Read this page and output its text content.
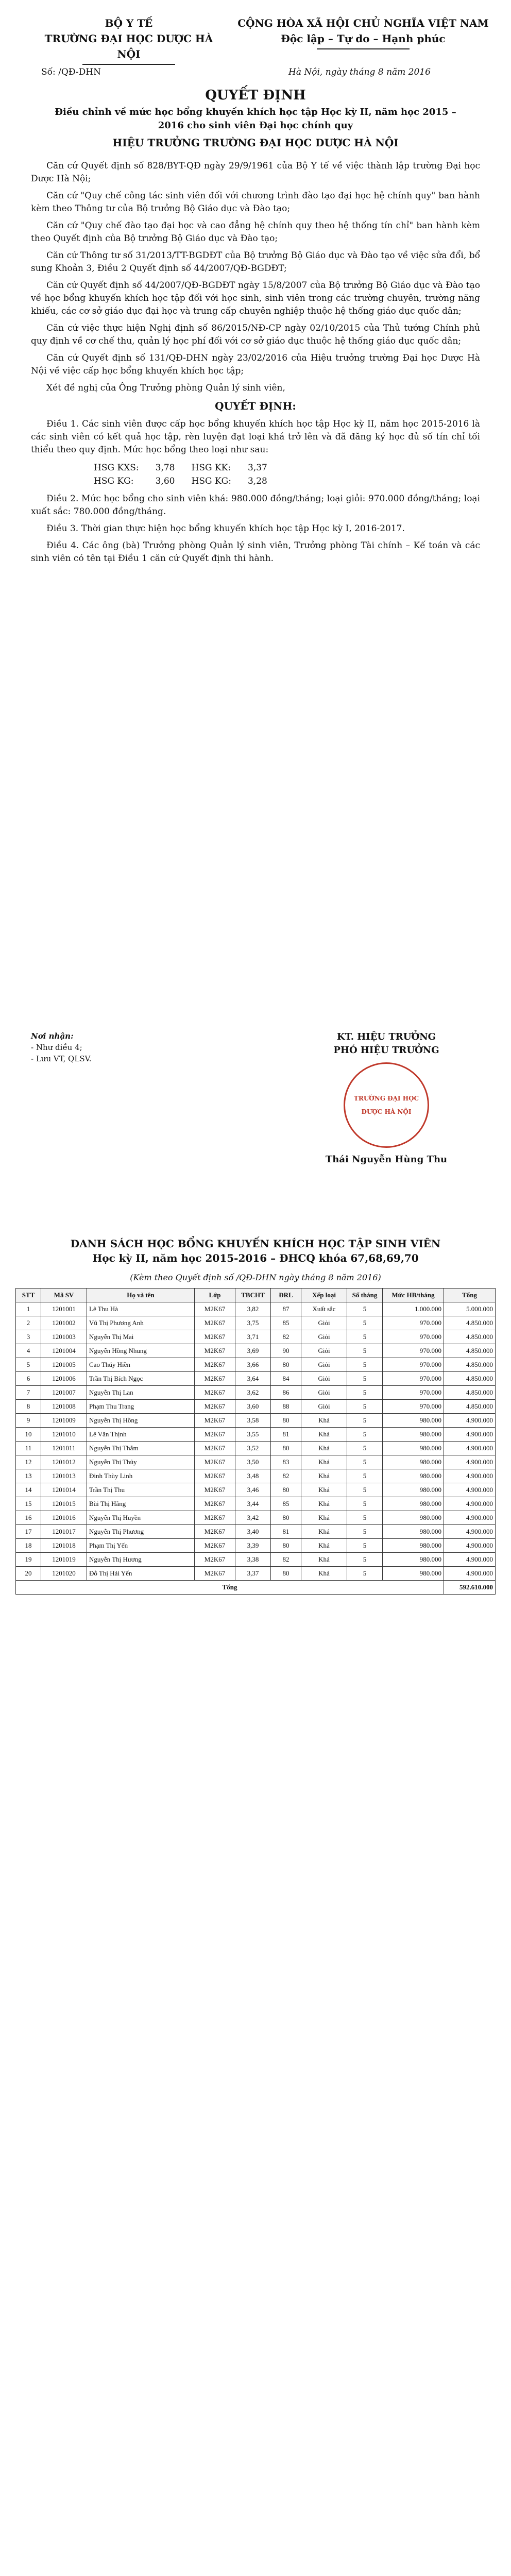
BỘ Y TẾ
TRƯỜNG ĐẠI HỌC DƯỢC HÀ NỘI
CỘNG HÒA XÃ HỘI CHỦ NGHĨA VIỆT NAM
Độc lập – Tự do – Hạnh phúc
Số: /QĐ-DHN	Hà Nội, ngày tháng 8 năm 2016
QUYẾT ĐỊNH
Điều chỉnh về mức học bổng khuyến khích học tập Học kỳ II, năm học 2015 – 2016 cho sinh viên Đại học chính quy
HIỆU TRƯỞNG TRƯỜNG ĐẠI HỌC DƯỢC HÀ NỘI

Căn cứ Quyết định số 828/BYT-QĐ ngày 29/9/1961 của Bộ Y tế về việc thành lập trường Đại học Dược Hà Nội;

Căn cứ "Quy chế công tác sinh viên đối với chương trình đào tạo đại học hệ chính quy" ban hành kèm theo Thông tư của Bộ trưởng Bộ Giáo dục và Đào tạo;

Căn cứ "Quy chế đào tạo đại học và cao đẳng hệ chính quy theo hệ thống tín chỉ" ban hành kèm theo Quyết định của Bộ trưởng Bộ Giáo dục và Đào tạo;

Căn cứ Thông tư số 31/2013/TT-BGDĐT của Bộ trưởng Bộ Giáo dục và Đào tạo về việc sửa đổi, bổ sung Khoản 3, Điều 2 Quyết định số 44/2007/QĐ-BGDĐT;

Căn cứ Quyết định số 44/2007/QĐ-BGDĐT ngày 15/8/2007 của Bộ trưởng Bộ Giáo dục và Đào tạo về học bổng khuyến khích học tập đối với học sinh, sinh viên trong các trường chuyên, trường năng khiếu, các cơ sở giáo dục đại học và trung cấp chuyên nghiệp thuộc hệ thống giáo dục quốc dân;

Căn cứ việc thực hiện Nghị định số 86/2015/NĐ-CP ngày 02/10/2015 của Thủ tướng Chính phủ quy định về cơ chế thu, quản lý học phí đối với cơ sở giáo dục thuộc hệ thống giáo dục quốc dân;

Căn cứ Quyết định số 131/QĐ-DHN ngày 23/02/2016 của Hiệu trưởng trường Đại học Dược Hà Nội về việc cấp học bổng khuyến khích học tập;

Xét đề nghị của Ông Trưởng phòng Quản lý sinh viên,

QUYẾT ĐỊNH:

Điều 1. Các sinh viên được cấp học bổng khuyến khích học tập Học kỳ II, năm học 2015-2016 là các sinh viên có kết quả học tập, rèn luyện đạt loại khá trở lên và đã đăng ký học đủ số tín chỉ tối thiểu theo quy định. Mức học bổng theo loại như sau:

HSG KXS:	3,78	HSG KK:	3,37
HSG KG:	3,60	HSG KG:	3,28

Điều 2. Mức học bổng cho sinh viên khá: 980.000 đồng/tháng; loại giỏi: 970.000 đồng/tháng; loại xuất sắc: 780.000 đồng/tháng.

Điều 3. Thời gian thực hiện học bổng khuyến khích học tập Học kỳ I, 2016-2017.

Điều 4. Các ông (bà) Trưởng phòng Quản lý sinh viên, Trưởng phòng Tài chính – Kế toán và các sinh viên có tên tại Điều 1 căn cứ Quyết định thi hành.

Nơi nhận:
- Như điều 4;
- Lưu VT, QLSV.
KT. HIỆU TRƯỞNG
PHÓ HIỆU TRƯỞNG
TRƯỜNG ĐẠI HỌC DƯỢC HÀ NỘI
Thái Nguyễn Hùng Thu
DANH SÁCH HỌC BỔNG KHUYẾN KHÍCH HỌC TẬP SINH VIÊN
Học kỳ II, năm học 2015-2016 – ĐHCQ khóa 67,68,69,70
(Kèm theo Quyết định số /QĐ-DHN ngày tháng 8 năm 2016)
STT	Mã SV	Họ và tên	Lớp	TBCHT	ĐRL	Xếp loại	Số tháng	Mức HB/tháng	Tổng
1	1201001	Lê Thu Hà	M2K67	3,82	87	Xuất sắc	5	1.000.000	5.000.000
2	1201002	Vũ Thị Phương Anh	M2K67	3,75	85	Giỏi	5	970.000	4.850.000
3	1201003	Nguyễn Thị Mai	M2K67	3,71	82	Giỏi	5	970.000	4.850.000
4	1201004	Nguyễn Hồng Nhung	M2K67	3,69	90	Giỏi	5	970.000	4.850.000
5	1201005	Cao Thúy Hiền	M2K67	3,66	80	Giỏi	5	970.000	4.850.000
6	1201006	Trần Thị Bích Ngọc	M2K67	3,64	84	Giỏi	5	970.000	4.850.000
7	1201007	Nguyễn Thị Lan	M2K67	3,62	86	Giỏi	5	970.000	4.850.000
8	1201008	Phạm Thu Trang	M2K67	3,60	88	Giỏi	5	970.000	4.850.000
9	1201009	Nguyễn Thị Hồng	M2K67	3,58	80	Khá	5	980.000	4.900.000
10	1201010	Lê Văn Thịnh	M2K67	3,55	81	Khá	5	980.000	4.900.000
11	1201011	Nguyễn Thị Thắm	M2K67	3,52	80	Khá	5	980.000	4.900.000
12	1201012	Nguyễn Thị Thủy	M2K67	3,50	83	Khá	5	980.000	4.900.000
13	1201013	Đinh Thùy Linh	M2K67	3,48	82	Khá	5	980.000	4.900.000
14	1201014	Trần Thị Thu	M2K67	3,46	80	Khá	5	980.000	4.900.000
15	1201015	Bùi Thị Hằng	M2K67	3,44	85	Khá	5	980.000	4.900.000
16	1201016	Nguyễn Thị Huyền	M2K67	3,42	80	Khá	5	980.000	4.900.000
17	1201017	Nguyễn Thị Phương	M2K67	3,40	81	Khá	5	980.000	4.900.000
18	1201018	Phạm Thị Yến	M2K67	3,39	80	Khá	5	980.000	4.900.000
19	1201019	Nguyễn Thị Hương	M2K67	3,38	82	Khá	5	980.000	4.900.000
20	1201020	Đỗ Thị Hải Yến	M2K67	3,37	80	Khá	5	980.000	4.900.000
Tổng									592.610.000
